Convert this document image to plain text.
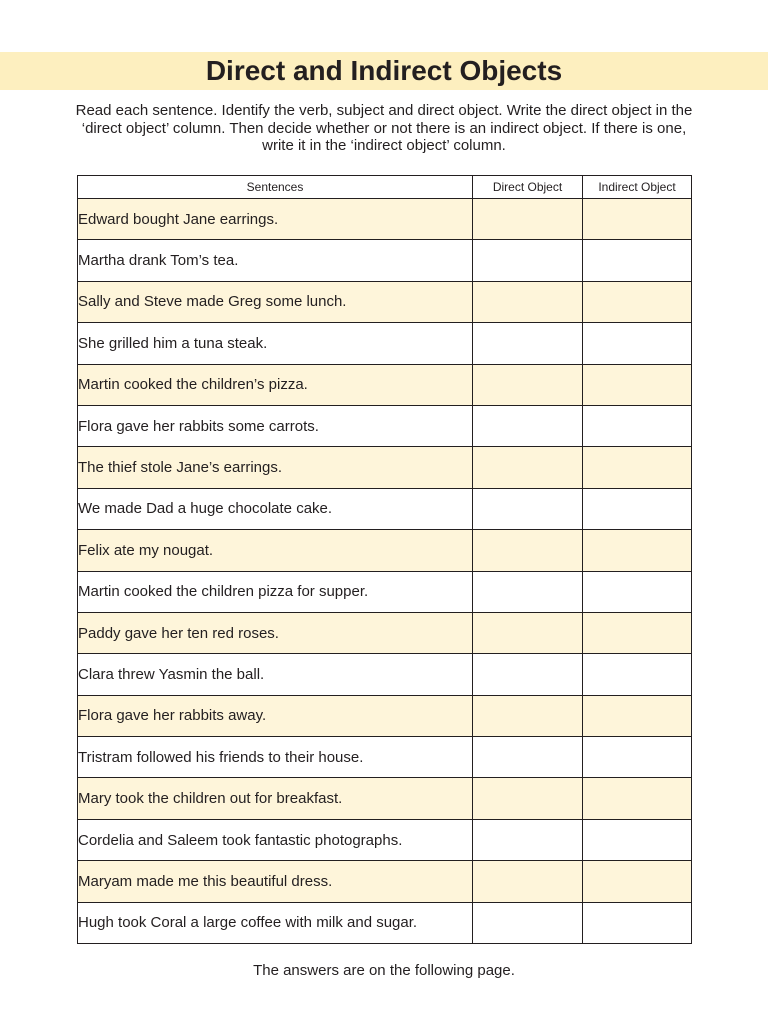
Direct and Indirect Objects

Read each sentence. Identify the verb, subject and direct object. Write the direct object in the ‘direct object’ column. Then decide whether or not there is an indirect object. If there is one, write it in the ‘indirect object’ column.

Sentences	Direct Object	Indirect Object
Edward bought Jane earrings.		
Martha drank Tom’s tea.		
Sally and Steve made Greg some lunch.		
She grilled him a tuna steak.		
Martin cooked the children’s pizza.		
Flora gave her rabbits some carrots.		
The thief stole Jane’s earrings.		
We made Dad a huge chocolate cake.		
Felix ate my nougat.		
Martin cooked the children pizza for supper.		
Paddy gave her ten red roses.		
Clara threw Yasmin the ball.		
Flora gave her rabbits away.		
Tristram followed his friends to their house.		
Mary took the children out for breakfast.		
Cordelia and Saleem took fantastic photographs.		
Maryam made me this beautiful dress.		
Hugh took Coral a large coffee with milk and sugar.		

The answers are on the following page.
